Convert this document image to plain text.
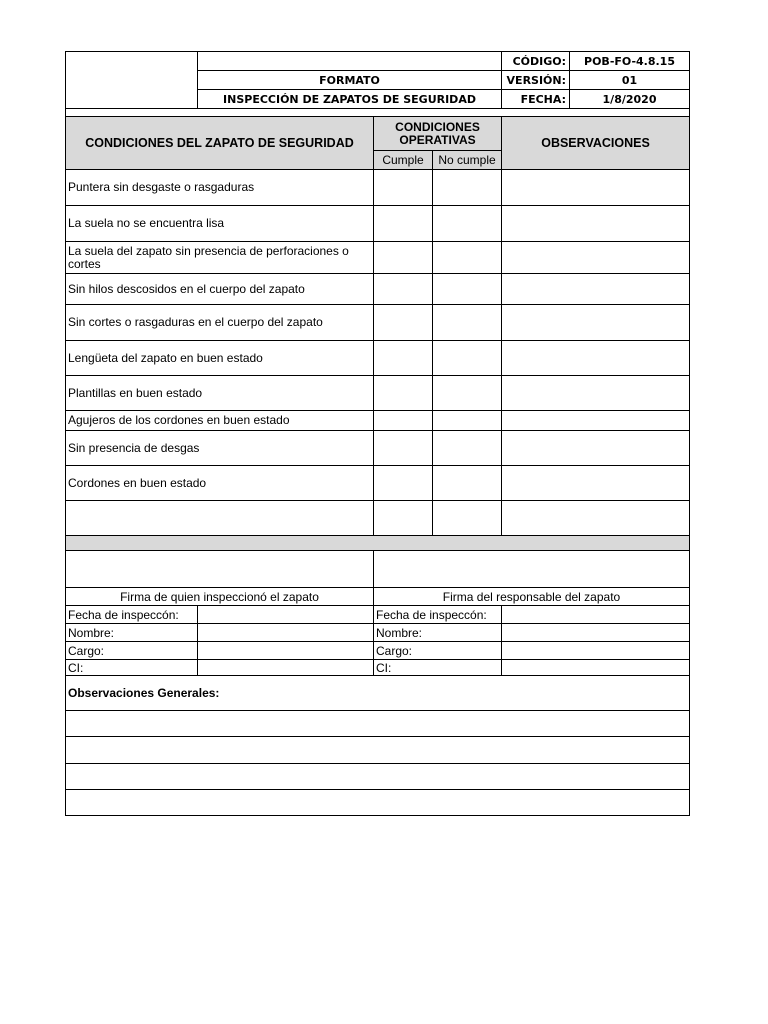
				CÓDIGO:	POB-FO-4.8.15
	FORMATO			VERSIÓN:	01
	INSPECCIÓN DE ZAPATOS DE SEGURIDAD			FECHA:	1/8/2020

CONDICIONES DEL ZAPATO DE SEGURIDAD		CONDICIONES OPERATIVAS		OBSERVACIONES	
		Cumple	No cumple		
Puntera sin desgaste o rasgaduras					
La suela no se encuentra lisa					
La suela del zapato sin presencia de perforaciones o cortes					
Sin hilos descosidos en el cuerpo del zapato					
Sin cortes o rasgaduras en el cuerpo del zapato					
Lengüeta del zapato en buen estado					
Plantillas en buen estado					
Agujeros de los cordones en buen estado					
Sin presencia de desgas					
Cordones en buen estado					

Firma de quien inspeccionó el zapato		Firma del responsable del zapato			
Fecha de inspeccón:		Fecha de inspeccón:			
Nombre:		Nombre:			
Cargo:		Cargo:			
CI:		CI:			
Observaciones Generales:					
